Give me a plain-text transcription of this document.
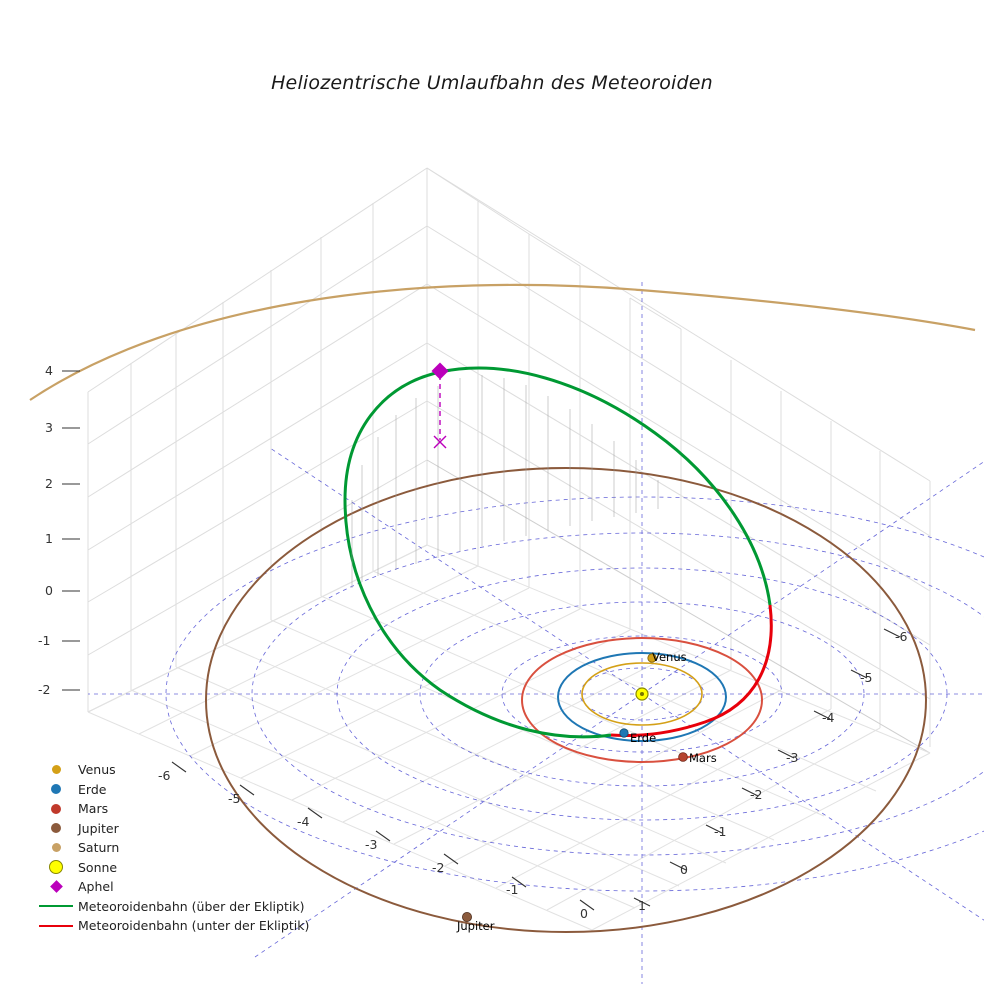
Heliozentrische Umlaufbahn des Meteoroiden
4
3
2
1
0
-1
-2
-6
-5
-4
-3
-2
-1
0
1
-6
-5
-4
-3
-2
-1
0
Venus
Erde
Mars
Jupiter
Venus
Erde
Mars
Jupiter
Saturn
Sonne
Aphel
Meteoroidenbahn (über der Ekliptik)
Meteoroidenbahn (unter der Ekliptik)
